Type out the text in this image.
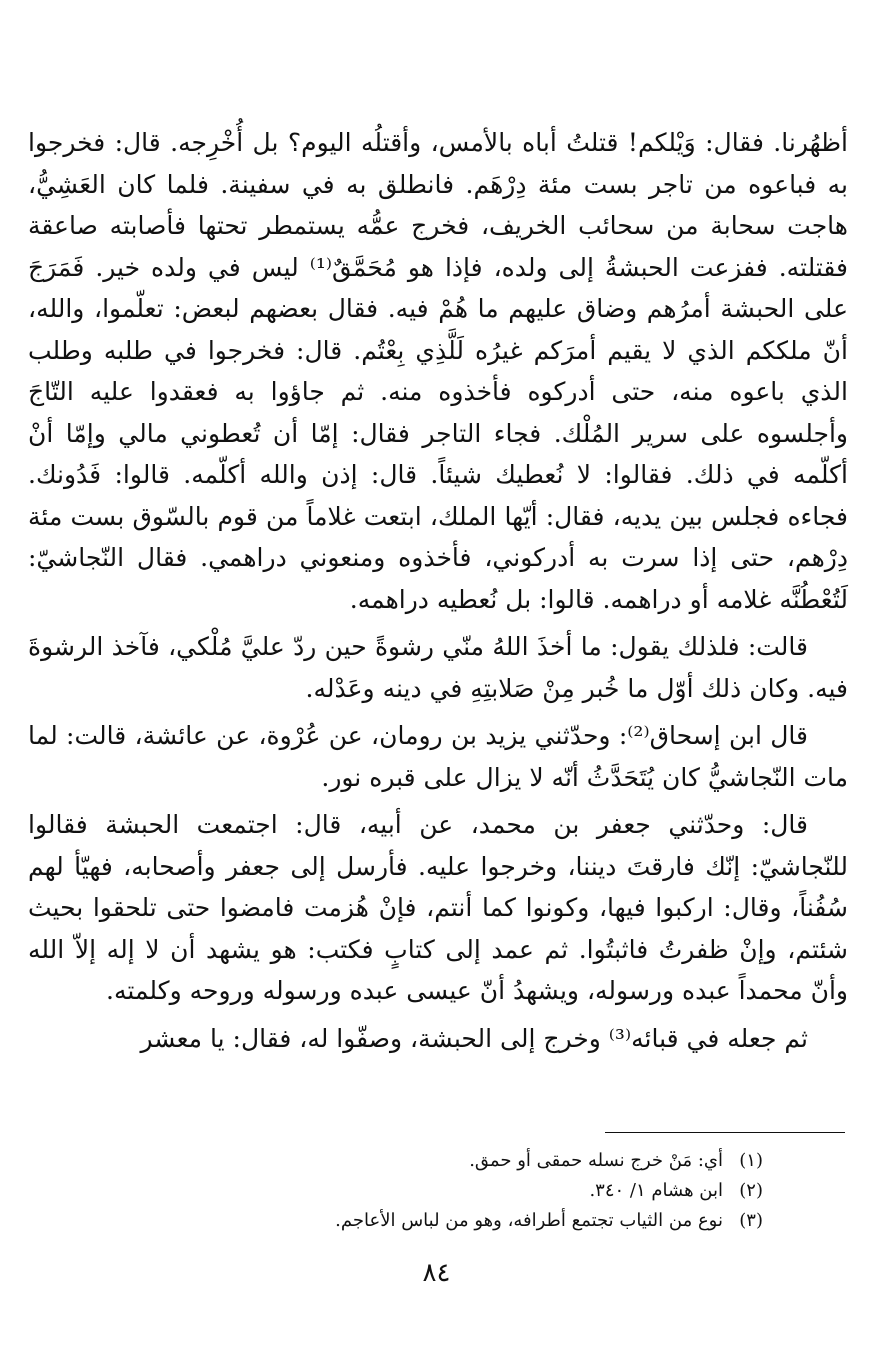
أظهُرنا. فقال: وَيْلكم! قتلتُ أباه بالأمس، وأقتلُه اليوم؟ بل أُخْرِجه. قال: فخرجوا به فباعوه من تاجر بست مئة دِرْهَم. فانطلق به في سفينة. فلما كان العَشِيُّ، هاجت سحابة من سحائب الخريف، فخرج عمُّه يستمطر تحتها فأصابته صاعقة فقتلته. ففزعت الحبشةُ إلى ولده، فإذا هو مُحَمَّقٌ⁽¹⁾ ليس في ولده خير. فَمَرَجَ على الحبشة أمرُهم وضاق عليهم ما هُمْ فيه. فقال بعضهم لبعض: تعلّموا، والله، أنّ ملككم الذي لا يقيم أمرَكم غيرُه لَلَّذِي بِعْتُم. قال: فخرجوا في طلبه وطلب الذي باعوه منه، حتى أدركوه فأخذوه منه. ثم جاؤوا به فعقدوا عليه التّاجَ وأجلسوه على سرير المُلْك. فجاء التاجر فقال: إمّا أن تُعطوني مالي وإمّا أنْ أكلّمه في ذلك. فقالوا: لا نُعطيك شيئاً. قال: إذن والله أكلّمه. قالوا: فَدُونك. فجاءه فجلس بين يديه، فقال: أيّها الملك، ابتعت غلاماً من قوم بالسّوق بست مئة دِرْهم، حتى إذا سرت به أدركوني، فأخذوه ومنعوني دراهمي. فقال النّجاشيّ: لَتُعْطُنَّه غلامه أو دراهمه. قالوا: بل نُعطيه دراهمه.

قالت: فلذلك يقول: ما أخذَ اللهُ منّي رشوةً حين ردّ عليَّ مُلْكي، فآخذ الرشوةَ فيه. وكان ذلك أوّل ما خُبر مِنْ صَلابتِهِ في دينه وعَدْله.

قال ابن إسحاق⁽²⁾: وحدّثني يزيد بن رومان، عن عُرْوة، عن عائشة، قالت: لما مات النّجاشيُّ كان يُتَحَدَّثُ أنّه لا يزال على قبره نور.

قال: وحدّثني جعفر بن محمد، عن أبيه، قال: اجتمعت الحبشة فقالوا للنّجاشيّ: إنّك فارقتَ ديننا، وخرجوا عليه. فأرسل إلى جعفر وأصحابه، فهيّأ لهم سُفُناً، وقال: اركبوا فيها، وكونوا كما أنتم، فإنْ هُزمت فامضوا حتى تلحقوا بحيث شئتم، وإنْ ظفرتُ فاثبتُوا. ثم عمد إلى كتابٍ فكتب: هو يشهد أن لا إله إلاّ الله وأنّ محمداً عبده ورسوله، ويشهدُ أنّ عيسى عبده ورسوله وروحه وكلمته.

ثم جعله في قبائه⁽³⁾ وخرج إلى الحبشة، وصفّوا له، فقال: يا معشر

(١)
أي: مَنْ خرج نسله حمقى أو حمق.
(٢)
ابن هشام ١/ ٣٤٠.
(٣)
نوع من الثياب تجتمع أطرافه، وهو من لباس الأعاجم.
٨٤
